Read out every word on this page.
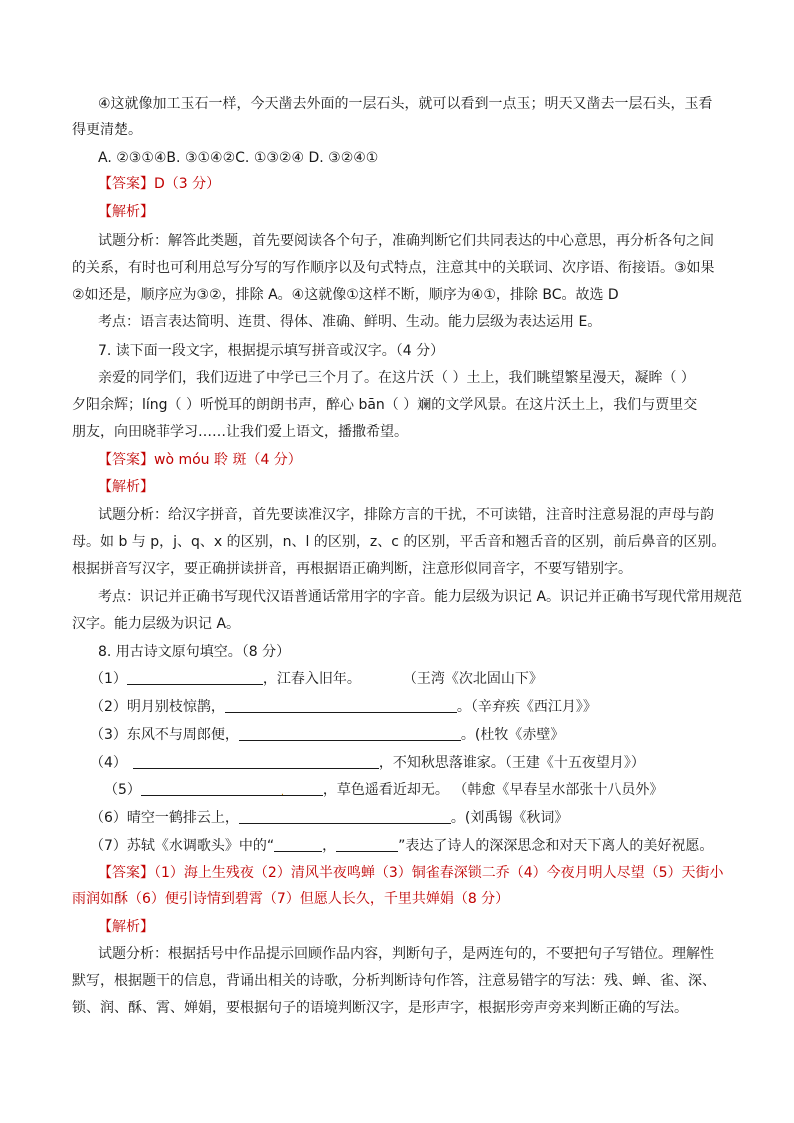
④这就像加工玉石一样，今天凿去外面的一层石头，就可以看到一点玉；明天又凿去一层石头，玉看
得更清楚。
A. ②③①④B. ③①④②C. ①③②④ D. ③②④①
【答案】D（3 分）
【解析】
试题分析：解答此类题，首先要阅读各个句子，准确判断它们共同表达的中心意思，再分析各句之间
的关系，有时也可利用总写分写的写作顺序以及句式特点，注意其中的关联词、次序语、衔接语。③如果
②如还是，顺序应为③②，排除 A。④这就像①这样不断，顺序为④①，排除 BC。故选 D
考点：语言表达简明、连贯、得体、准确、鲜明、生动。能力层级为表达运用 E。
7. 读下面一段文字，根据提示填写拼音或汉字。（4 分）
亲爱的同学们，我们迈进了中学已三个月了。在这片沃（ ）土上，我们眺望繁星漫天，凝眸（ ）
夕阳余辉；líng（ ）听悦耳的朗朗书声，醉心 bān（ ）斓的文学风景。在这片沃土上，我们与贾里交
朋友，向田晓菲学习……让我们爱上语文，播撒希望。
【答案】wò móu 聆 斑（4 分）
【解析】
试题分析：给汉字拼音，首先要读准汉字，排除方言的干扰，不可读错，注音时注意易混的声母与韵
母。如 b 与 p，j、q、x 的区别，n、l 的区别，z、c 的区别，平舌音和翘舌音的区别，前后鼻音的区别。
根据拼音写汉字，要正确拼读拼音，再根据语正确判断，注意形似同音字，不要写错别字。
考点：识记并正确书写现代汉语普通话常用字的字音。能力层级为识记 A。识记并正确书写现代常用规范
汉字。能力层级为识记 A。
8. 用古诗文原句填空。（8 分）
（1）	，江春入旧年。	（王湾《次北固山下》
（2）明月别枝惊鹊，	。（辛弃疾《西江月》》
（3）东风不与周郎便，	。(杜牧《赤壁》
（4）	，不知秋思落谁家。（王建《十五夜望月》）
（5）	.	，草色遥看近却无。 （韩愈《早春呈水部张十八员外》
（6）晴空一鹤排云上，	。(刘禹锡《秋词》
（7）苏轼《水调歌头》中的“	，	”表达了诗人的深深思念和对天下离人的美好祝愿。
【答案】（1）海上生残夜（2）清风半夜鸣蝉（3）铜雀春深锁二乔（4）今夜月明人尽望（5）天街小
雨润如酥（6）便引诗情到碧霄（7）但愿人长久，千里共婵娟（8 分）
【解析】
试题分析：根据括号中作品提示回顾作品内容，判断句子，是两连句的，不要把句子写错位。理解性
默写，根据题干的信息，背诵出相关的诗歌，分析判断诗句作答，注意易错字的写法：残、蝉、雀、深、
锁、润、酥、霄、婵娟，要根据句子的语境判断汉字，是形声字，根据形旁声旁来判断正确的写法。
